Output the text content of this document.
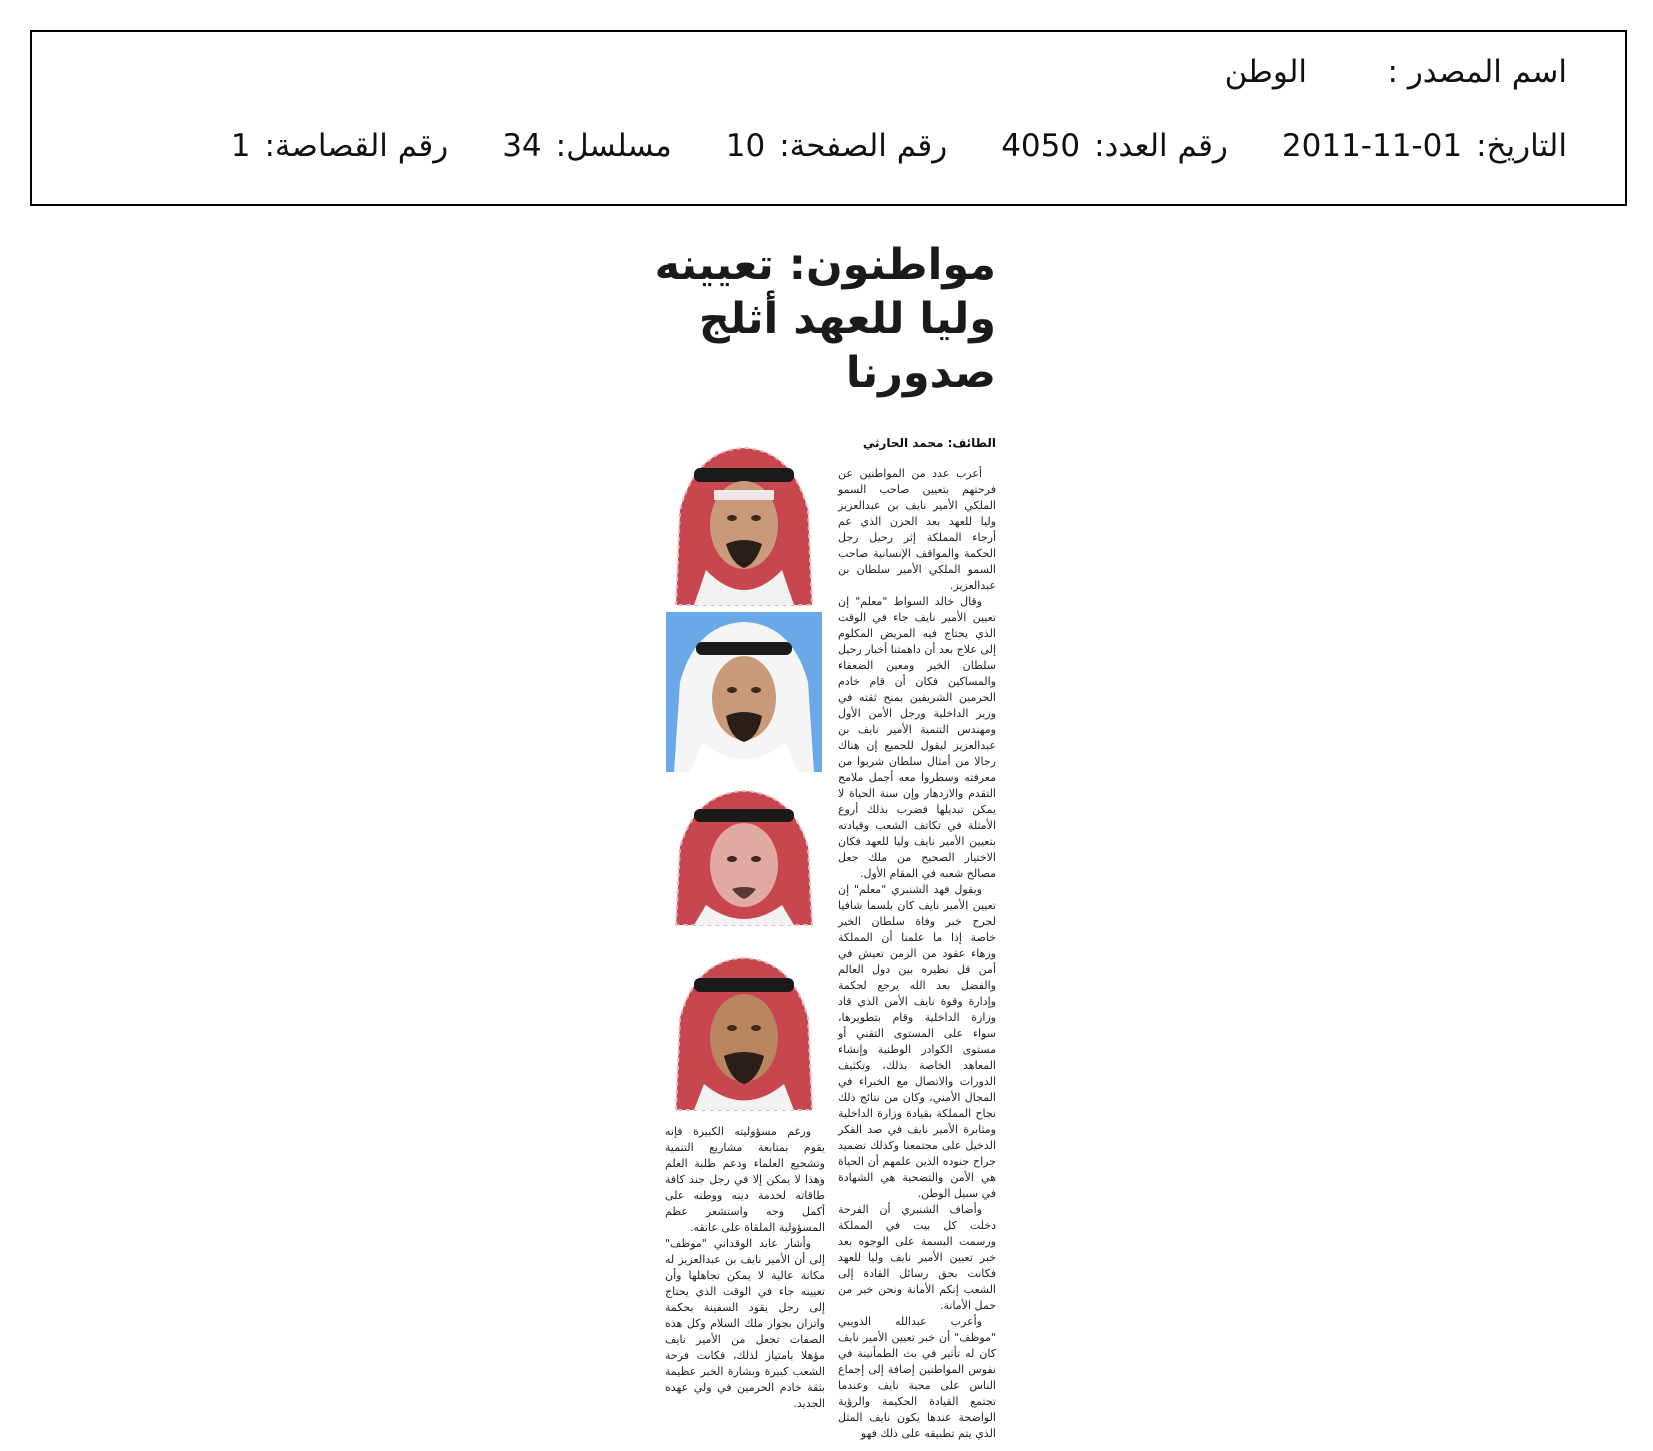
اسم المصدر :
الوطن
التاريخ:
2011-11-01
رقم العدد:
4050
رقم الصفحة:
10
مسلسل:
34
رقم القصاصة:
1
مواطنون: تعيينه
وليا للعهد أثلج
صدورنا
الطائف: محمد الحارثي

أعرب عدد من المواطنين عن فرحتهم بتعيين صاحب السمو الملكي الأمير نايف بن عبدالعزيز وليا للعهد بعد الحزن الذي عم أرجاء المملكة إثر رحيل رجل الحكمة والمواقف الإنسانية صاحب السمو الملكي الأمير سلطان بن عبدالعزيز.

وقال خالد السواط "معلم" إن تعيين الأمير نايف جاء في الوقت الذي يحتاج فيه المريض المكلوم إلى علاج بعد أن داهمتنا أخبار رحيل سلطان الخير ومعين الضعفاء والمساكين فكان أن قام خادم الحرمين الشريفين بمنح ثقته في وزير الداخلية ورجل الأمن الأول ومهندس التنمية الأمير نايف بن عبدالعزيز ليقول للجميع إن هناك رجالا من أمثال سلطان شربوا من معرفته وسطروا معه أجمل ملامح التقدم والازدهار وإن سنة الحياة لا يمكن تبديلها فضرب بذلك أروع الأمثلة في تكاتف الشعب وقيادته بتعيين الأمير نايف وليا للعهد فكان الاختيار الصحيح من ملك جعل مصالح شعبه في المقام الأول.

ويقول فهد الشنبري "معلم" إن تعيين الأمير نايف كان بلسما شافيا لجرح خبر وفاة سلطان الخير خاصة إذا ما علمنا أن المملكة وزهاء عقود من الزمن تعيش في أمن قل نظيره بين دول العالم والفضل بعد الله يرجع لحكمة وإدارة وقوة نايف الأمن الذي قاد وزارة الداخلية وقام بتطويرها، سواء على المستوى التقني أو مستوى الكوادر الوطنية وإنشاء المعاهد الخاصة بذلك، وتكثيف الدورات والاتصال مع الخبراء في المجال الأمني، وكان من نتائج ذلك نجاح المملكة بقيادة وزارة الداخلية ومثابرة الأمير نايف في صد الفكر الدخيل على مجتمعنا وكذلك تضميد جراح جنوده الذين علمهم أن الحياة هي الأمن والتضحية هي الشهادة في سبيل الوطن.

وأضاف الشنبري أن الفرحة دخلت كل بيت في المملكة ورسمت البسمة على الوجوه بعد خبر تعيين الأمير نايف وليا للعهد فكانت بحق رسائل القادة إلى الشعب إنكم الأمانة ونحن خير من حمل الأمانة.

وأعرب عبدالله الذويبي "موظف" أن خبر تعيين الأمير نايف كان له تأثير في بث الطمأنينة في نفوس المواطنين إضافة إلى إجماع الناس على محبة نايف وعندما تجتمع القيادة الحكيمة والرؤية الواضحة عندها يكون نايف المثل الذي يتم تطبيقه على ذلك فهو

ورغم مسؤوليته الكبيرة فإنه يقوم بمتابعة مشاريع التنمية وتشجيع العلماء ودعم طلبة العلم وهذا لا يمكن إلا في رجل جند كافة طاقاته لخدمة دينه ووطنه على أكمل وجه واستشعر عظم المسؤولية الملقاة على عاتقه.

وأشار عابد الوقداني "موظف" إلى أن الأمير نايف بن عبدالعزيز له مكانة عالية لا يمكن تجاهلها وأن تعيينه جاء في الوقت الذي يحتاج إلى رجل يقود السفينة بحكمة واتزان بجوار ملك السلام وكل هذه الصفات تجعل من الأمير نايف مؤهلا بامتياز لذلك، فكانت فرحة الشعب كبيرة وبشارة الخبر عظيمة بثقة خادم الحرمين في ولي عهده الجديد.
